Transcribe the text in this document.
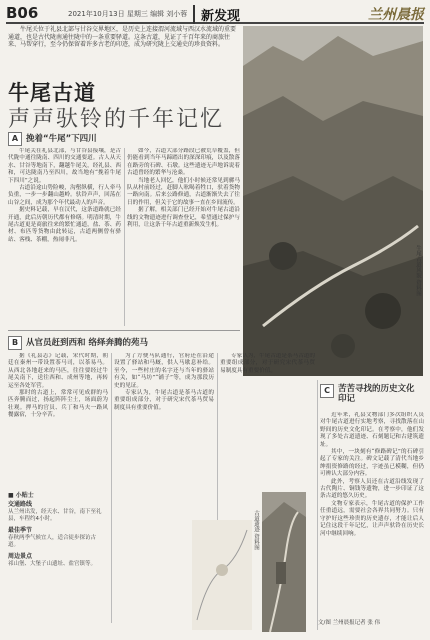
B06	2021年10月13日 星期三 编辑 刘小蓉	新发现	兰州晨报
牛尾关位于礼县北部与甘谷交界地区，是历史上连接渭河流域与西汉水流域的重要通道，也是古代陇南通往陇中的一条重要驿道。这条古道，见证了千百年来的商旅往来、马帮穿行，至今仍保留着许多古老的印迹，成为研究陇上交通史的珍贵资料。
牛尾古道
声声驮铃的千年记忆
牛尾古道风貌 资料图
A 挽着“牛尾”下四川

牛尾关在礼县北部，与甘谷县接壤，是古代陇中通往陇南、四川的交通要道。古人从天水、甘谷等地南下，翻越牛尾关，经礼县、西和，可达陇南乃至四川，故当地有“挽着牛尾下四川”之说。

古道沿途山势险峻，沟壑纵横，行人牵马负重，一步一步翻山越岭。驮铃声声，回荡在山谷之间，成为那个年代最动人的声音。

据史料记载，早在汉代，这条道路就已经开通，此后历朝历代都有修缮。明清时期，牛尾古道更是商旅往来的繁忙通道，盐、茶、药材、布匹等货物由此转运，古道两侧曾有驿站、客栈、茶棚，热闹非凡。

如今，古道大部分路段已被荒草覆盖，但仍能看到当年马蹄踏出的深深印痕，以及散落在路旁的石碑、石墩。这些遗迹无声地诉说着古道曾经的繁华与沧桑。

当地老人回忆，他们小时候还常见到骡马队从村前经过，赶脚人吆喝着牲口，驮着货物一路向南。后来公路修通，古道渐渐失去了往日的作用，但关于它的故事一直在乡间流传。

据了解，相关部门已经开始对牛尾古道沿线的文物遗迹进行调查登记，希望通过保护与利用，让这条千年古道重新焕发生机。

B 从官员赶到西和 络绎奔腾的苑马

据《礼县志》记载，宋代时期，朝廷在秦州一带设置茶马司，以茶易马。从西北各地赶来的马匹，往往要经过牛尾关南下，送往西和、成州等地，再转运至各处军营。

那时的古道上，常常可见成群的马匹奔腾而过，扬起阵阵尘土，场面蔚为壮观。押马的官员、兵丁和马夫一路风餐露宿，十分辛苦。

为了方便马队通行，官府还在沿途设置了驿站和马厩，供人马歇息补给。至今，一些村庄的名字还与当年的驿站有关，如“马坊”“铺子”等，成为那段历史的见证。

专家认为，牛尾古道是茶马古道的重要组成部分，对于研究宋代茶马贸易制度具有重要价值。

专家认为，牛尾古道是茶马古道的重要组成部分，对于研究宋代茶马贸易制度具有重要价值。

C 苦苦寻找的历史文化印记

近年来，礼县文物部门多次组织人员对牛尾古道进行实地考察，寻找散落在山野间的历史文化印记。在考察中，他们发现了多处古道遗迹、石刻题记和古建筑遗址。

其中，一块刻有“修路碑记”的石碑引起了专家的关注。碑文记载了清代当地乡绅捐资修路的经过，字迹虽已模糊，但仍可辨认大部分内容。

此外，考察人员还在古道沿线发现了古代陶片、铜钱等遗物，进一步印证了这条古道的悠久历史。

文物专家表示，牛尾古道的保护工作任重道远，需要社会各界共同努力。只有守护好这些珍贵的历史遗存，才能让后人记住这段千年记忆，让声声驮铃在历史长河中继续回响。

文/图 兰州晨报记者 张 伟
■ 小贴士
交通路线
从兰州出发，经天水、甘谷，南下至礼县，车程约4小时。
最佳季节
春秋两季气候宜人，适合徒步探访古道。
周边景点
祁山堡、大堡子山遗址、盐官镇等。
古道遗迹 资料图
